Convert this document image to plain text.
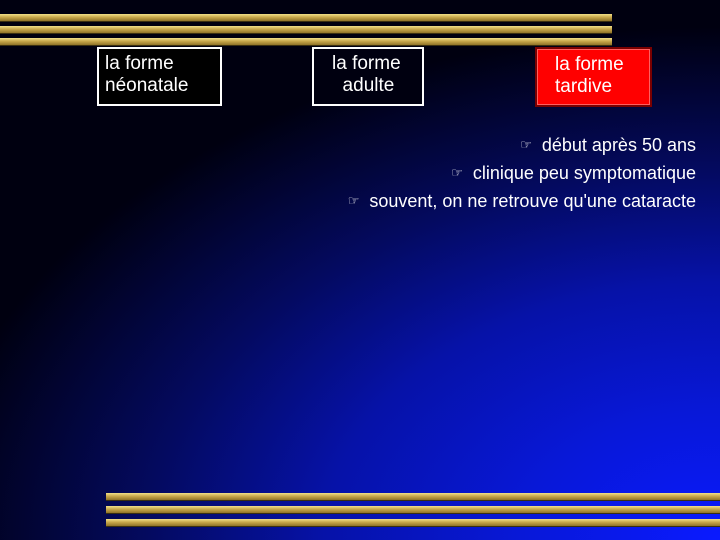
la forme
néonatale
la forme
adulte
la forme
tardive
☞ début après 50 ans
☞ clinique peu symptomatique
☞ souvent, on ne retrouve qu'une cataracte
